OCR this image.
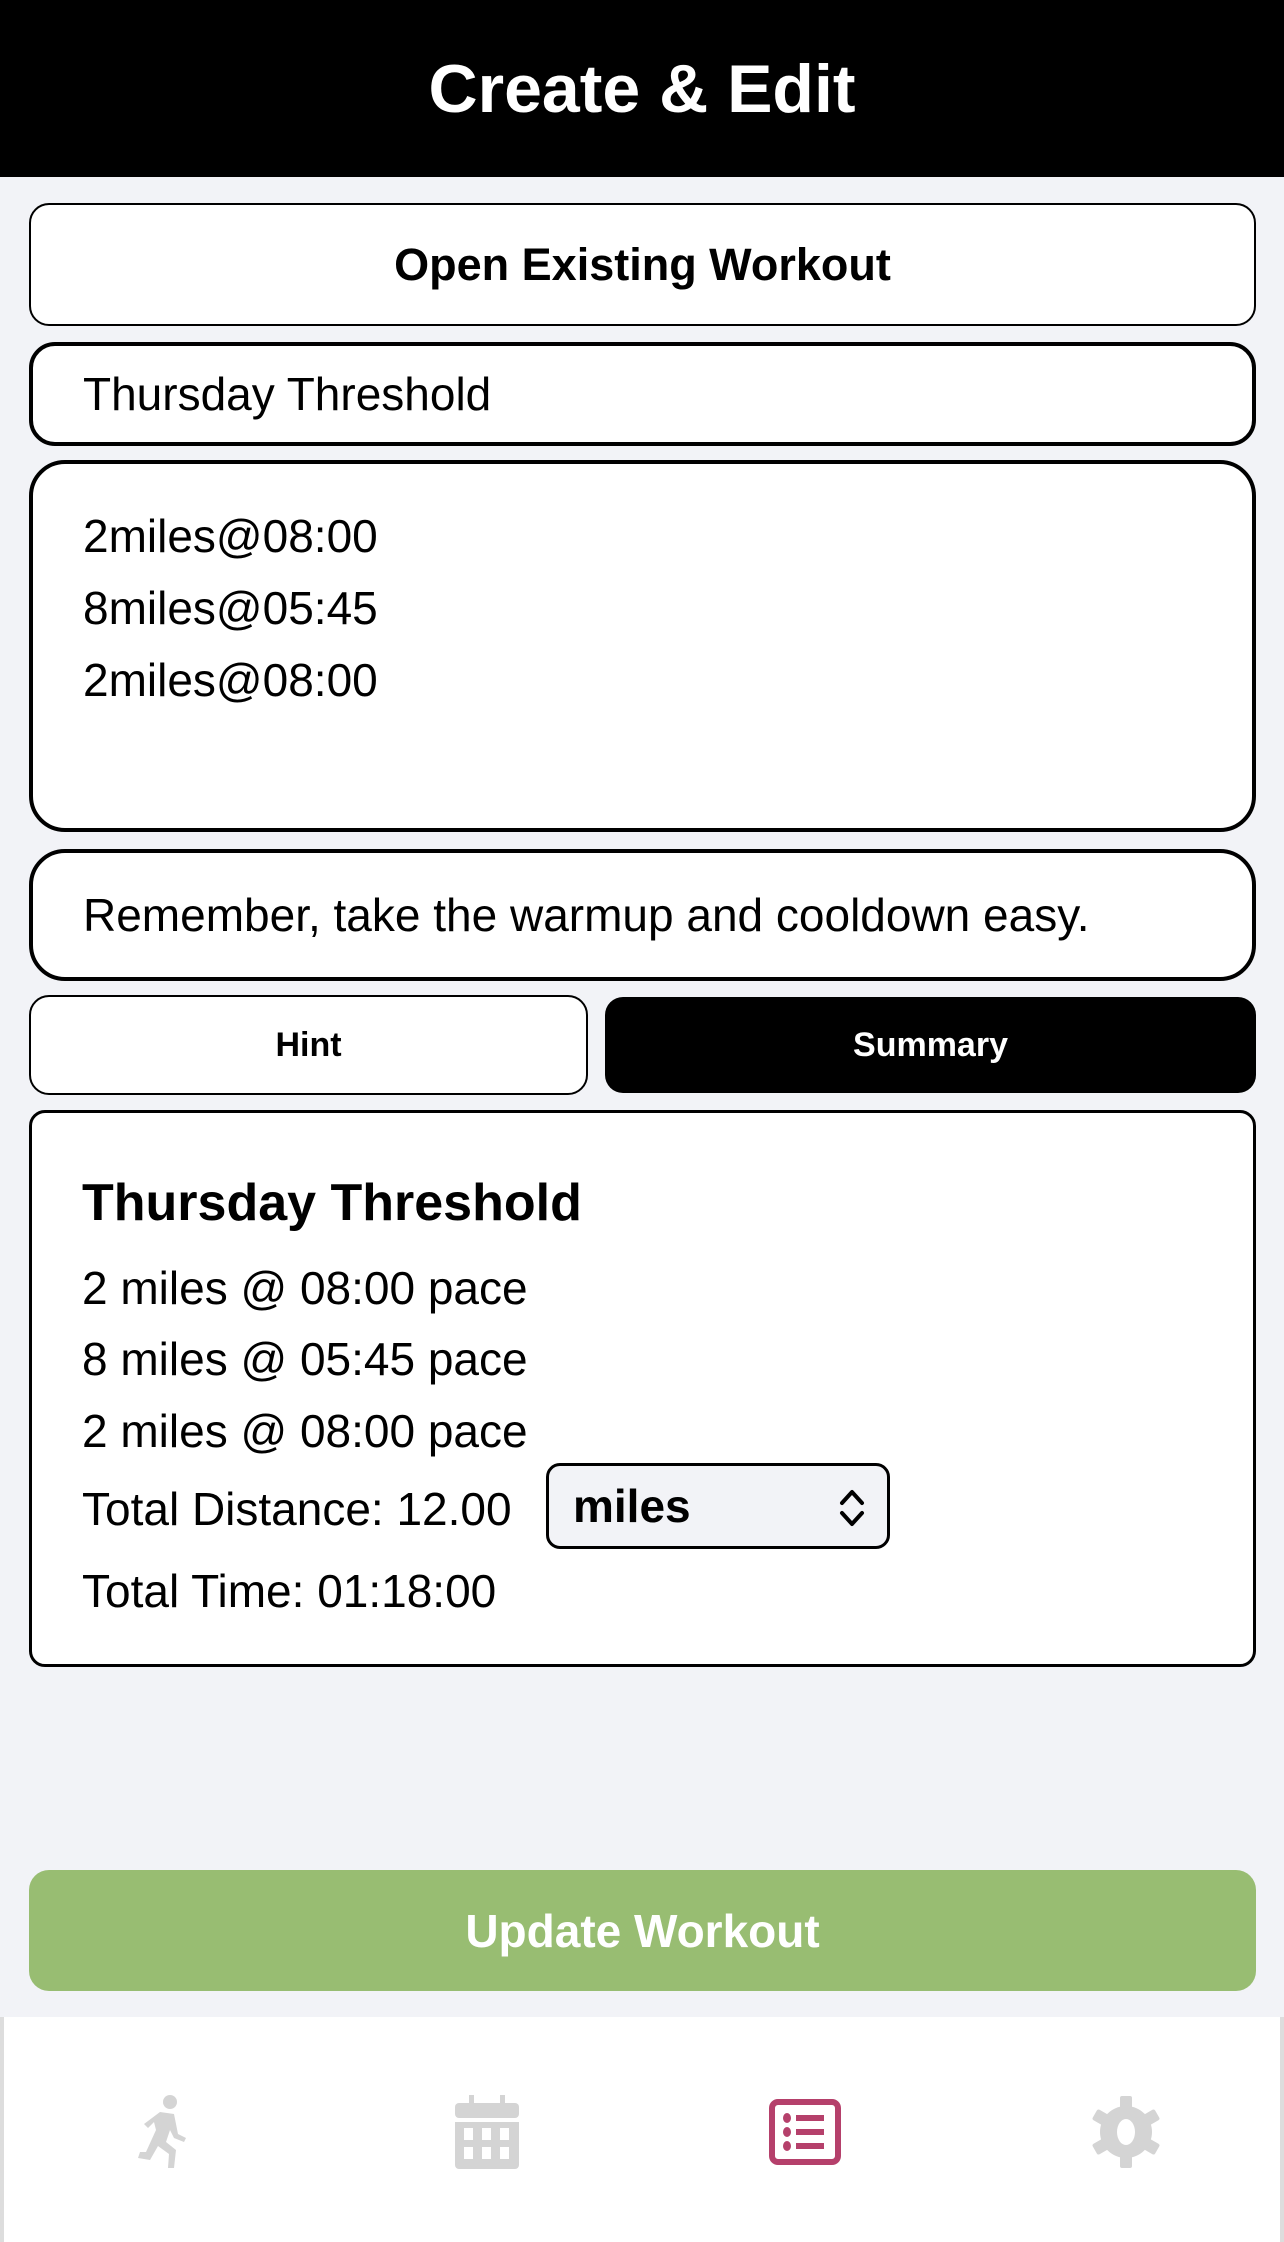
Create & Edit
Open Existing Workout
Thursday Threshold
2miles@08:00
8miles@05:45
2miles@08:00
Remember, take the warmup and cooldown easy.
Hint	Summary
Thursday Threshold
2 miles @ 08:00 pace
8 miles @ 05:45 pace
2 miles @ 08:00 pace
Total Distance: 12.00 miles
Total Time: 01:18:00
Update Workout
